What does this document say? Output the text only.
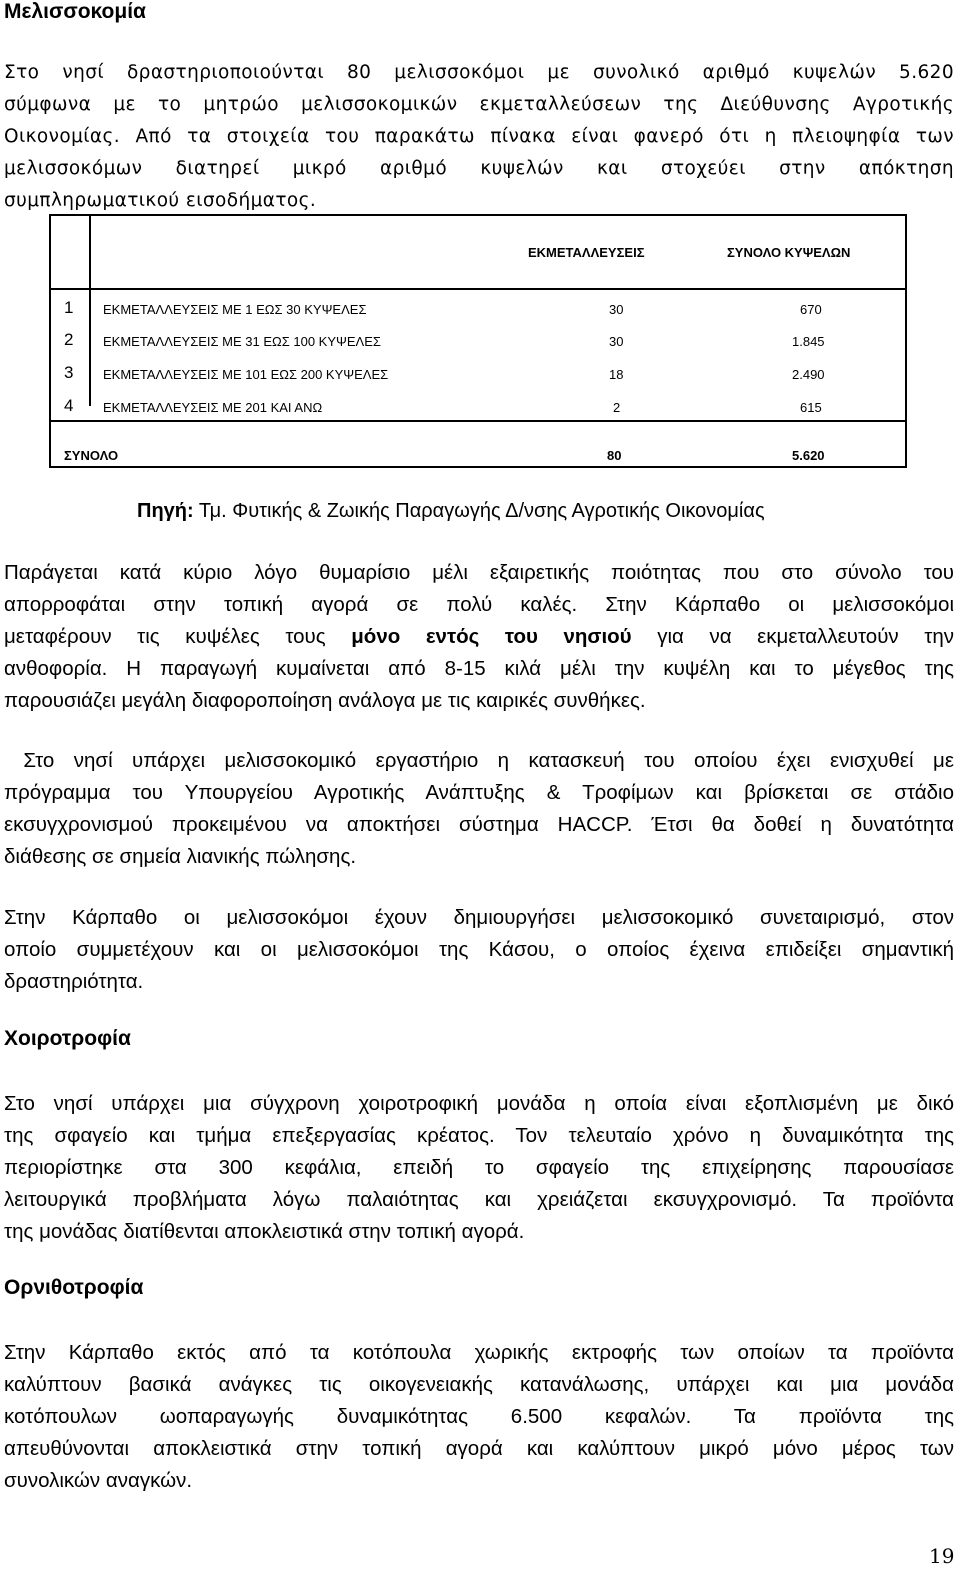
Μελισσοκομία
Στο νησί δραστηριοποιούνται 80 μελισσοκόμοι με συνολικό αριθμό κυψελών 5.620
σύμφωνα με το μητρώο μελισσοκομικών εκμεταλλεύσεων της Διεύθυνσης Αγροτικής
Οικονομίας. Από τα στοιχεία του παρακάτω πίνακα είναι φανερό ότι η πλειοψηφία των
μελισσοκόμων διατηρεί μικρό αριθμό κυψελών και στοχεύει στην απόκτηση
συμπληρωματικού εισοδήματος.
ΕΚΜΕΤΑΛΛΕΥΣΕΙΣ	ΣΥΝΟΛΟ ΚΥΨΕΛΩΝ
1 ΕΚΜΕΤΑΛΛΕΥΣΕΙΣ ΜΕ 1 ΕΩΣ 30 ΚΥΨΕΛΕΣ	30	670
2 ΕΚΜΕΤΑΛΛΕΥΣΕΙΣ ΜΕ 31 ΕΩΣ 100 ΚΥΨΕΛΕΣ	30	1.845
3 ΕΚΜΕΤΑΛΛΕΥΣΕΙΣ ΜΕ 101 ΕΩΣ 200 ΚΥΨΕΛΕΣ	18	2.490
4 ΕΚΜΕΤΑΛΛΕΥΣΕΙΣ ΜΕ 201 ΚΑΙ ΑΝΩ	2	615
ΣΥΝΟΛΟ	80	5.620
Πηγή: Τμ. Φυτικής & Ζωικής Παραγωγής Δ/νσης Αγροτικής Οικονομίας
Παράγεται κατά κύριο λόγο θυμαρίσιο μέλι εξαιρετικής ποιότητας που στο σύνολο του
απορροφάται στην τοπική αγορά σε πολύ καλές. Στην Κάρπαθο οι μελισσοκόμοι
μεταφέρουν τις κυψέλες τους μόνο εντός του νησιού για να εκμεταλλευτούν την
ανθοφορία. Η παραγωγή κυμαίνεται από 8-15 κιλά μέλι την κυψέλη και το μέγεθος της
παρουσιάζει μεγάλη διαφοροποίηση ανάλογα με τις καιρικές συνθήκες.
Στο νησί υπάρχει μελισσοκομικό εργαστήριο η κατασκευή του οποίου έχει ενισχυθεί με
πρόγραμμα του Υπουργείου Αγροτικής Ανάπτυξης & Τροφίμων και βρίσκεται σε στάδιο
εκσυγχρονισμού προκειμένου να αποκτήσει σύστημα HACCP. Έτσι θα δοθεί η δυνατότητα
διάθεσης σε σημεία λιανικής πώλησης.
Στην Κάρπαθο οι μελισσοκόμοι έχουν δημιουργήσει μελισσοκομικό συνεταιρισμό, στον
οποίο συμμετέχουν και οι μελισσοκόμοι της Κάσου, ο οποίος έχεινα επιδείξει σημαντική
δραστηριότητα.
Χοιροτροφία
Στο νησί υπάρχει μια σύγχρονη χοιροτροφική μονάδα η οποία είναι εξοπλισμένη με δικό
της σφαγείο και τμήμα επεξεργασίας κρέατος. Τον τελευταίο χρόνο η δυναμικότητα της
περιορίστηκε στα 300 κεφάλια, επειδή το σφαγείο της επιχείρησης παρουσίασε
λειτουργικά προβλήματα λόγω παλαιότητας και χρειάζεται εκσυγχρονισμό. Τα προϊόντα
της μονάδας διατίθενται αποκλειστικά στην τοπική αγορά.
Ορνιθοτροφία
Στην Κάρπαθο εκτός από τα κοτόπουλα χωρικής εκτροφής των οποίων τα προϊόντα
καλύπτουν βασικά ανάγκες τις οικογενειακής κατανάλωσης, υπάρχει και μια μονάδα
κοτόπουλων ωοπαραγωγής δυναμικότητας 6.500 κεφαλών. Τα προϊόντα της
απευθύνονται αποκλειστικά στην τοπική αγορά και καλύπτουν μικρό μόνο μέρος των
συνολικών αναγκών.
19
